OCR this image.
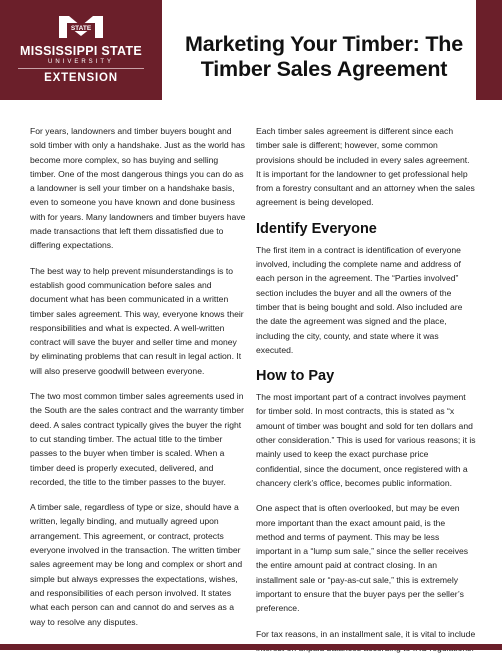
STATE
MISSISSIPPI STATE
UNIVERSITY
EXTENSION
Marketing Your Timber: The
Timber Sales Agreement

For years, landowners and timber buyers bought and sold timber with only a handshake. Just as the world has become more complex, so has buying and selling timber. One of the most dangerous things you can do as a landowner is sell your timber on a handshake basis, even to someone you have known and done business with for years. Many landowners and timber buyers have made transactions that left them dissatisfied due to differing expectations.

The best way to help prevent misunderstandings is to establish good communication before sales and document what has been communicated in a written timber sales agreement. This way, everyone knows their responsibilities and what is expected. A well-written contract will save the buyer and seller time and money by eliminating problems that can result in legal action. It will also preserve goodwill between everyone.

The two most common timber sales agreements used in the South are the sales contract and the warranty timber deed. A sales contract typically gives the buyer the right to cut standing timber. The actual title to the timber passes to the buyer when timber is scaled. When a timber deed is properly executed, delivered, and recorded, the title to the timber passes to the buyer.

A timber sale, regardless of type or size, should have a written, legally binding, and mutually agreed upon arrangement. This agreement, or contract, protects everyone involved in the transaction. The written timber sales agreement may be long and complex or short and simple but always expresses the expectations, wishes, and responsibilities of each person involved. It states what each person can and cannot do and serves as a way to resolve any disputes.

Each timber sales agreement is different since each timber sale is different; however, some common provisions should be included in every sales agreement. It is important for the landowner to get professional help from a forestry consultant and an attorney when the sales agreement is being developed.

Identify Everyone

The first item in a contract is identification of everyone involved, including the complete name and address of each person in the agreement. The “Parties involved” section includes the buyer and all the owners of the timber that is being bought and sold. Also included are the date the agreement was signed and the place, including the city, county, and state where it was executed.

How to Pay

The most important part of a contract involves payment for timber sold. In most contracts, this is stated as “x amount of timber was bought and sold for ten dollars and other consideration.” This is used for various reasons; it is mainly used to keep the exact purchase price confidential, since the document, once registered with a chancery clerk’s office, becomes public information.

One aspect that is often overlooked, but may be even more important than the exact amount paid, is the method and terms of payment. This may be less important in a “lump sum sale,” since the seller receives the entire amount paid at contract closing. In an installment sale or “pay-as-cut sale,” this is extremely important to ensure that the buyer pays per the seller’s preference.

For tax reasons, in an installment sale, it is vital to include
